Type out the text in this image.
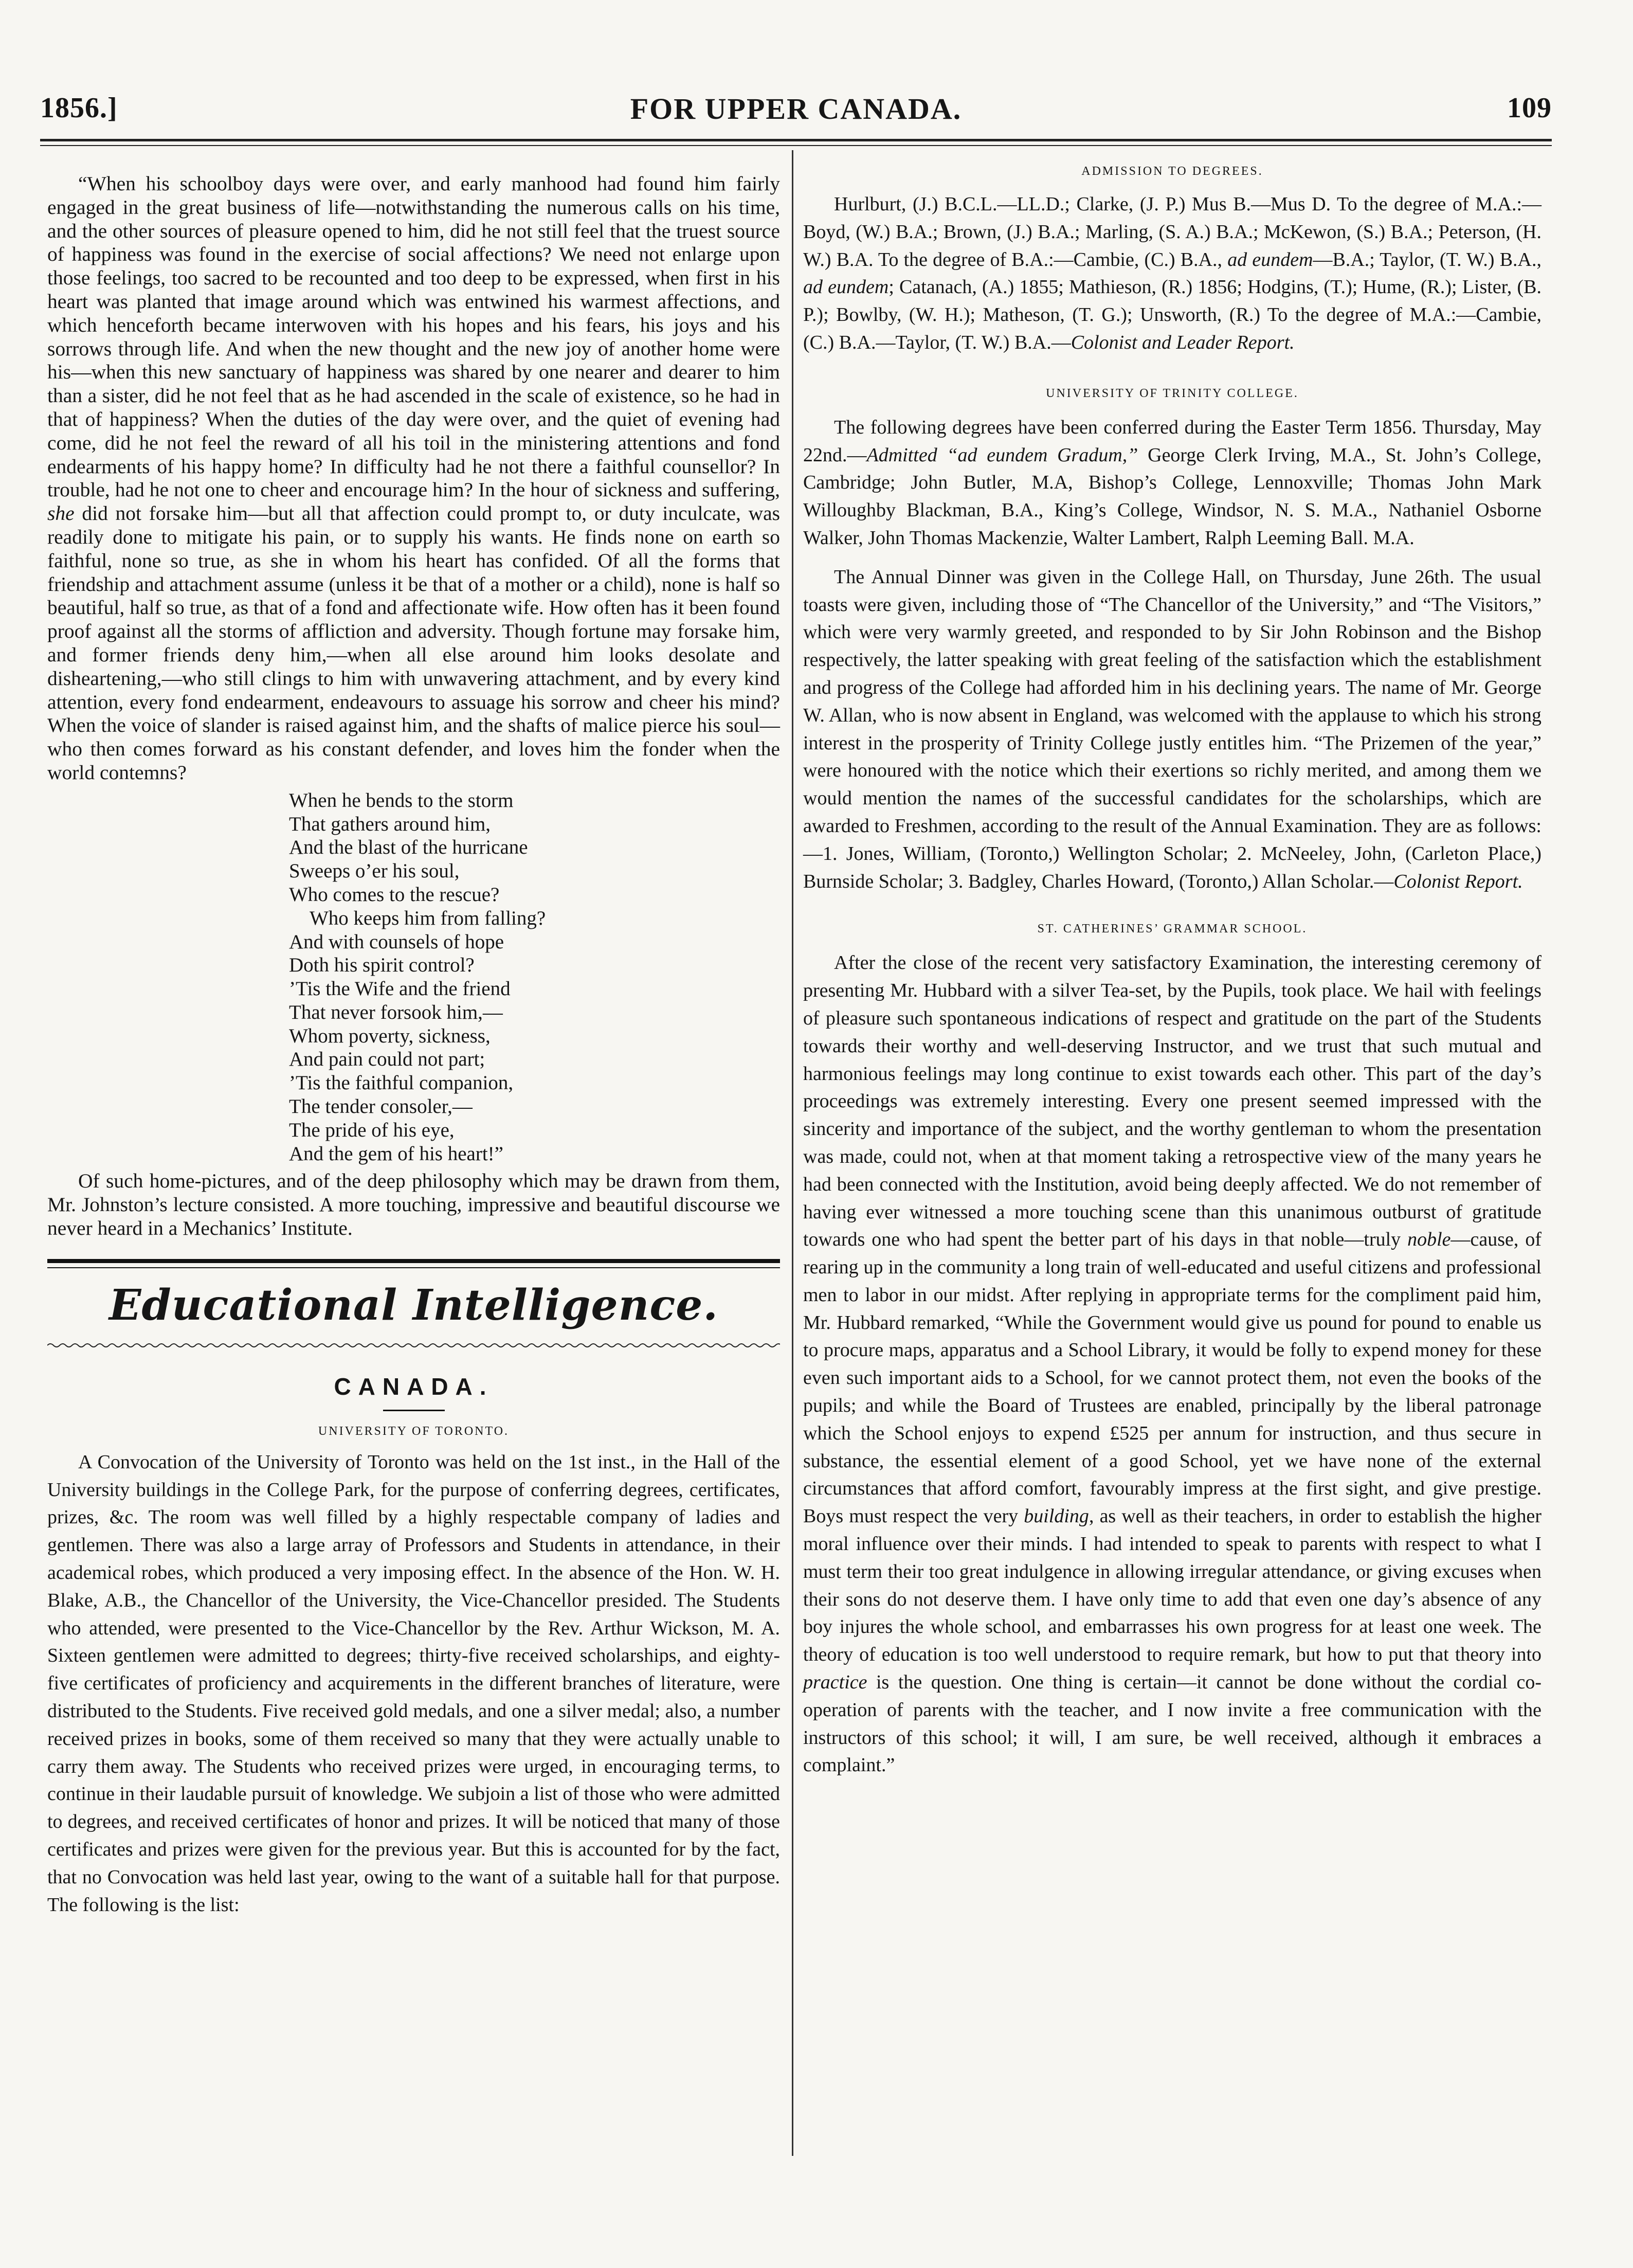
1856.]	FOR UPPER CANADA.	109

“When his schoolboy days were over, and early manhood had found him fairly engaged in the great business of life—notwithstanding the numerous calls on his time, and the other sources of pleasure opened to him, did he not still feel that the truest source of happiness was found in the exercise of social affections? We need not enlarge upon those feelings, too sacred to be recounted and too deep to be expressed, when first in his heart was planted that image around which was entwined his warmest affections, and which henceforth became interwoven with his hopes and his fears, his joys and his sorrows through life. And when the new thought and the new joy of another home were his—when this new sanctuary of happiness was shared by one nearer and dearer to him than a sister, did he not feel that as he had ascended in the scale of existence, so he had in that of happiness? When the duties of the day were over, and the quiet of evening had come, did he not feel the reward of all his toil in the ministering attentions and fond endearments of his happy home? In difficulty had he not there a faithful counsellor? In trouble, had he not one to cheer and encourage him? In the hour of sickness and suffering, she did not forsake him—but all that affection could prompt to, or duty inculcate, was readily done to mitigate his pain, or to supply his wants. He finds none on earth so faithful, none so true, as she in whom his heart has confided. Of all the forms that friendship and attachment assume (unless it be that of a mother or a child), none is half so beautiful, half so true, as that of a fond and affectionate wife. How often has it been found proof against all the storms of affliction and adversity. Though fortune may forsake him, and former friends deny him,—when all else around him looks desolate and disheartening,—who still clings to him with unwavering attachment, and by every kind attention, every fond endearment, endeavours to assuage his sorrow and cheer his mind? When the voice of slander is raised against him, and the shafts of malice pierce his soul—who then comes forward as his constant defender, and loves him the fonder when the world contemns?

When he bends to the storm
That gathers around him,
And the blast of the hurricane
Sweeps o’er his soul,
Who comes to the rescue?
Who keeps him from falling?
And with counsels of hope
Doth his spirit control?
’Tis the Wife and the friend
That never forsook him,—
Whom poverty, sickness,
And pain could not part;
’Tis the faithful companion,
The tender consoler,—
The pride of his eye,
And the gem of his heart!”

Of such home-pictures, and of the deep philosophy which may be drawn from them, Mr. Johnston’s lecture consisted. A more touching, impressive and beautiful discourse we never heard in a Mechanics’ Institute.

Educational Intelligence.
CANADA.
UNIVERSITY OF TORONTO.

A Convocation of the University of Toronto was held on the 1st inst., in the Hall of the University buildings in the College Park, for the purpose of conferring degrees, certificates, prizes, &c. The room was well filled by a highly respectable company of ladies and gentlemen. There was also a large array of Professors and Students in attendance, in their academical robes, which produced a very imposing effect. In the absence of the Hon. W. H. Blake, A.B., the Chancellor of the University, the Vice-Chancellor presided. The Students who attended, were presented to the Vice-Chancellor by the Rev. Arthur Wickson, M. A. Sixteen gentlemen were admitted to degrees; thirty-five received scholarships, and eighty-five certificates of proficiency and acquirements in the different branches of literature, were distributed to the Students. Five received gold medals, and one a silver medal; also, a number received prizes in books, some of them received so many that they were actually unable to carry them away. The Students who received prizes were urged, in encouraging terms, to continue in their laudable pursuit of knowledge. We subjoin a list of those who were admitted to degrees, and received certificates of honor and prizes. It will be noticed that many of those certificates and prizes were given for the previous year. But this is accounted for by the fact, that no Convocation was held last year, owing to the want of a suitable hall for that purpose. The following is the list:

ADMISSION TO DEGREES.

Hurlburt, (J.) B.C.L.—LL.D.; Clarke, (J. P.) Mus B.—Mus D. To the degree of M.A.:—Boyd, (W.) B.A.; Brown, (J.) B.A.; Marling, (S. A.) B.A.; McKewon, (S.) B.A.; Peterson, (H. W.) B.A. To the degree of B.A.:—Cambie, (C.) B.A., ad eundem—B.A.; Taylor, (T. W.) B.A., ad eundem; Catanach, (A.) 1855; Mathieson, (R.) 1856; Hodgins, (T.); Hume, (R.); Lister, (B. P.); Bowlby, (W. H.); Matheson, (T. G.); Unsworth, (R.) To the degree of M.A.:—Cambie, (C.) B.A.—Taylor, (T. W.) B.A.—Colonist and Leader Report.

UNIVERSITY OF TRINITY COLLEGE.

The following degrees have been conferred during the Easter Term 1856. Thursday, May 22nd.—Admitted “ad eundem Gradum,” George Clerk Irving, M.A., St. John’s College, Cambridge; John Butler, M.A, Bishop’s College, Lennoxville; Thomas John Mark Willoughby Blackman, B.A., King’s College, Windsor, N. S. M.A., Nathaniel Osborne Walker, John Thomas Mackenzie, Walter Lambert, Ralph Leeming Ball. M.A.

The Annual Dinner was given in the College Hall, on Thursday, June 26th. The usual toasts were given, including those of “The Chancellor of the University,” and “The Visitors,” which were very warmly greeted, and responded to by Sir John Robinson and the Bishop respectively, the latter speaking with great feeling of the satisfaction which the establishment and progress of the College had afforded him in his declining years. The name of Mr. George W. Allan, who is now absent in England, was welcomed with the applause to which his strong interest in the prosperity of Trinity College justly entitles him. “The Prizemen of the year,” were honoured with the notice which their exertions so richly merited, and among them we would mention the names of the successful candidates for the scholarships, which are awarded to Freshmen, according to the result of the Annual Examination. They are as follows:—1. Jones, William, (Toronto,) Wellington Scholar; 2. McNeeley, John, (Carleton Place,) Burnside Scholar; 3. Badgley, Charles Howard, (Toronto,) Allan Scholar.—Colonist Report.

ST. CATHERINES’ GRAMMAR SCHOOL.

After the close of the recent very satisfactory Examination, the interesting ceremony of presenting Mr. Hubbard with a silver Tea-set, by the Pupils, took place. We hail with feelings of pleasure such spontaneous indications of respect and gratitude on the part of the Students towards their worthy and well-deserving Instructor, and we trust that such mutual and harmonious feelings may long continue to exist towards each other. This part of the day’s proceedings was extremely interesting. Every one present seemed impressed with the sincerity and importance of the subject, and the worthy gentleman to whom the presentation was made, could not, when at that moment taking a retrospective view of the many years he had been connected with the Institution, avoid being deeply affected. We do not remember of having ever witnessed a more touching scene than this unanimous outburst of gratitude towards one who had spent the better part of his days in that noble—truly noble—cause, of rearing up in the community a long train of well-educated and useful citizens and professional men to labor in our midst. After replying in appropriate terms for the compliment paid him, Mr. Hubbard remarked, “While the Government would give us pound for pound to enable us to procure maps, apparatus and a School Library, it would be folly to expend money for these even such important aids to a School, for we cannot protect them, not even the books of the pupils; and while the Board of Trustees are enabled, principally by the liberal patronage which the School enjoys to expend £525 per annum for instruction, and thus secure in substance, the essential element of a good School, yet we have none of the external circumstances that afford comfort, favourably impress at the first sight, and give prestige. Boys must respect the very building, as well as their teachers, in order to establish the higher moral influence over their minds. I had intended to speak to parents with respect to what I must term their too great indulgence in allowing irregular attendance, or giving excuses when their sons do not deserve them. I have only time to add that even one day’s absence of any boy injures the whole school, and embarrasses his own progress for at least one week. The theory of education is too well understood to require remark, but how to put that theory into practice is the question. One thing is certain—it cannot be done without the cordial co-operation of parents with the teacher, and I now invite a free communication with the instructors of this school; it will, I am sure, be well received, although it embraces a complaint.”
